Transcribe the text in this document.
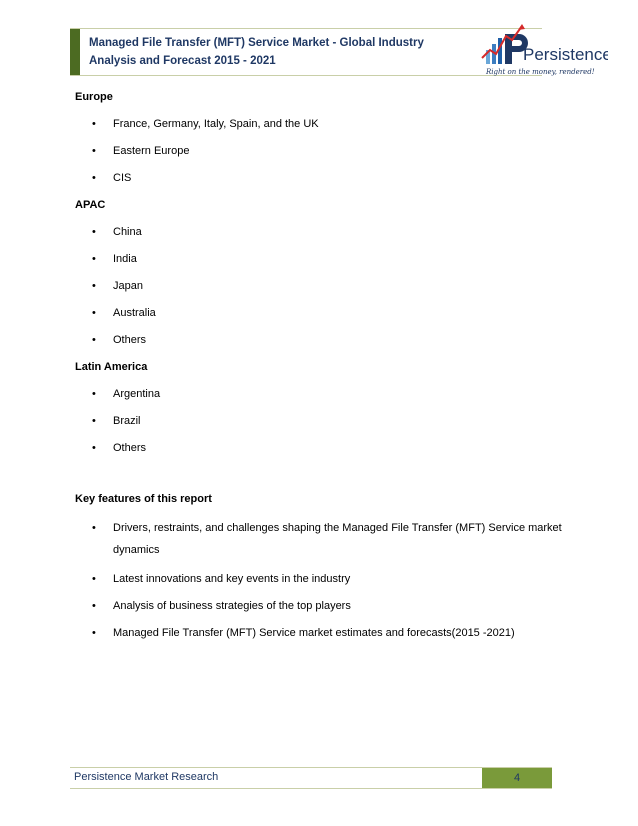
Managed File Transfer (MFT) Service Market - Global Industry
Analysis and Forecast 2015 - 2021	Persistence
Right on the money, rendered!
Europe
• France, Germany, Italy, Spain, and the UK
• Eastern Europe
• CIS
APAC
• China
• India
• Japan
• Australia
• Others
Latin America
• Argentina
• Brazil
• Others
Key features of this report
• Drivers, restraints, and challenges shaping the Managed File Transfer (MFT) Service market dynamics
• Latest innovations and key events in the industry
• Analysis of business strategies of the top players
• Managed File Transfer (MFT) Service market estimates and forecasts(2015 -2021)
Persistence Market Research	4
